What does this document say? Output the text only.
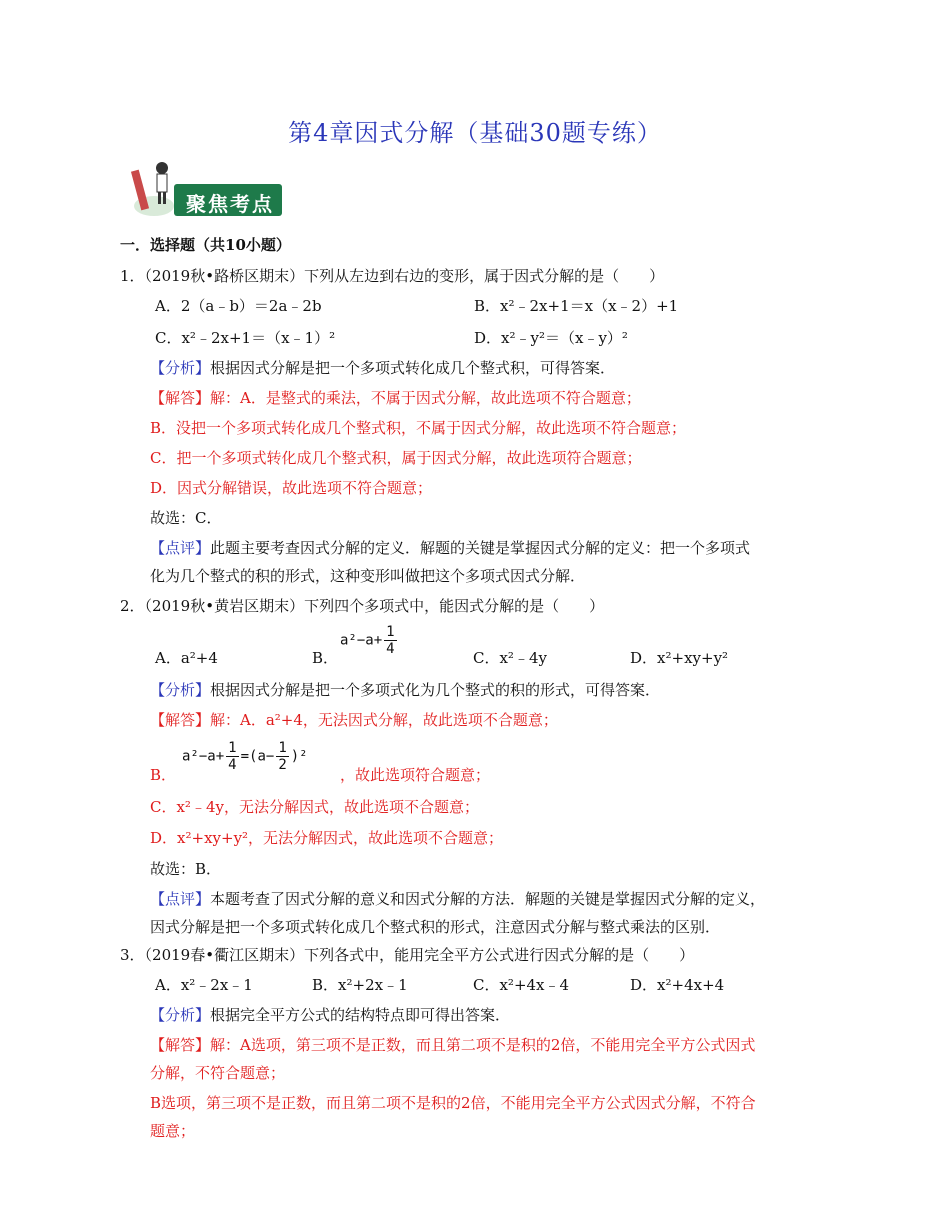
第4章因式分解（基础30题专练）
聚焦考点
一．选择题（共10小题）
1．（2019秋•路桥区期末）下列从左边到右边的变形，属于因式分解的是（　　）
A．2（a﹣b）＝2a﹣2b	B．x²﹣2x+1＝x（x﹣2）+1
C．x²﹣2x+1＝（x﹣1）²	D．x²﹣y²＝（x﹣y）²
【分析】根据因式分解是把一个多项式转化成几个整式积，可得答案．
【解答】解：A．是整式的乘法，不属于因式分解，故此选项不符合题意；
B．没把一个多项式转化成几个整式积，不属于因式分解，故此选项不符合题意；
C．把一个多项式转化成几个整式积，属于因式分解，故此选项符合题意；
D．因式分解错误，故此选项不符合题意；
故选：C．
【点评】此题主要考查因式分解的定义．解题的关键是掌握因式分解的定义：把一个多项式
化为几个整式的积的形式，这种变形叫做把这个多项式因式分解．
2．（2019秋•黄岩区期末）下列四个多项式中，能因式分解的是（　　）
A．a²+4	B．
$a^2-a+ \frac{1}{4}$
C．x²﹣4y	D．x²+xy+y²
【分析】根据因式分解是把一个多项式化为几个整式的积的形式，可得答案．
【解答】解：A．a²+4，无法因式分解，故此选项不合题意；
B．
$a^2-a+ \frac{1}{4} =(a- \frac{1}{2} )^2$
，故此选项符合题意；
C．x²﹣4y，无法分解因式，故此选项不合题意；
D．x²+xy+y²，无法分解因式，故此选项不合题意；
故选：B．
【点评】本题考查了因式分解的意义和因式分解的方法．解题的关键是掌握因式分解的定义，
因式分解是把一个多项式转化成几个整式积的形式，注意因式分解与整式乘法的区别．
3．（2019春•衢江区期末）下列各式中，能用完全平方公式进行因式分解的是（　　）
A．x²﹣2x﹣1	B．x²+2x﹣1	C．x²+4x﹣4	D．x²+4x+4
【分析】根据完全平方公式的结构特点即可得出答案．
【解答】解：A选项，第三项不是正数，而且第二项不是积的2倍，不能用完全平方公式因式
分解，不符合题意；
B选项，第三项不是正数，而且第二项不是积的2倍，不能用完全平方公式因式分解，不符合
题意；
